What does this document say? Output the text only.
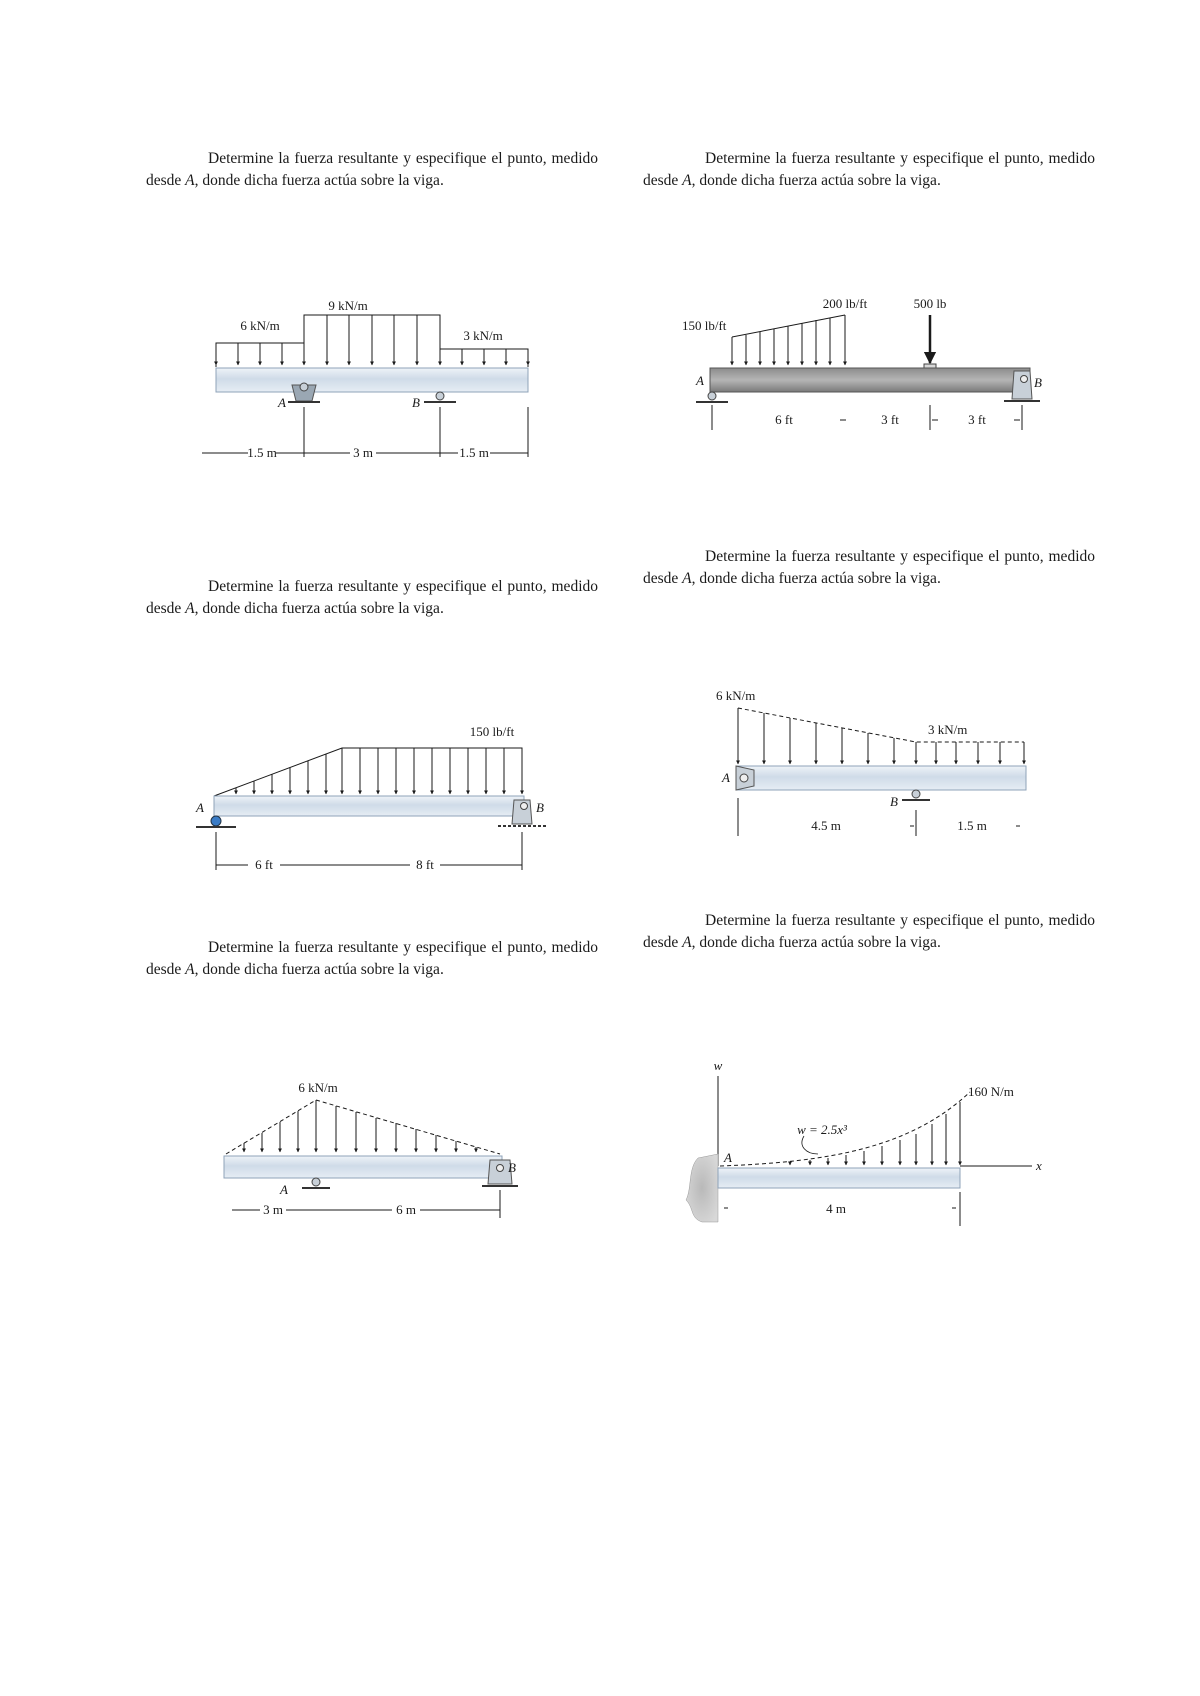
Determine la fuerza resultante y especifique el punto, medido desde A, donde dicha fuerza actúa sobre la viga.

Determine la fuerza resultante y especifique el punto, medido desde A, donde dicha fuerza actúa sobre la viga.

Determine la fuerza resultante y especifique el punto, medido desde A, donde dicha fuerza actúa sobre la viga.

Determine la fuerza resultante y especifique el punto, medido desde A, donde dicha fuerza actúa sobre la viga.

Determine la fuerza resultante y especifique el punto, medido desde A, donde dicha fuerza actúa sobre la viga.

Determine la fuerza resultante y especifique el punto, medido desde A, donde dicha fuerza actúa sobre la viga.

9 kN/m
6 kN/m
3 kN/m
A	B
1.5 m	3 m	1.5 m
200 lb/ft	500 lb
150 lb/ft
A	B
6 ft	3 ft	3 ft
150 lb/ft
A	B
6 ft	8 ft
6 kN/m
3 kN/m
A
B
4.5 m	1.5 m
6 kN/m
A
B
3 m	6 m
w
x
160 N/m
w = 2.5x³
A
4 m
